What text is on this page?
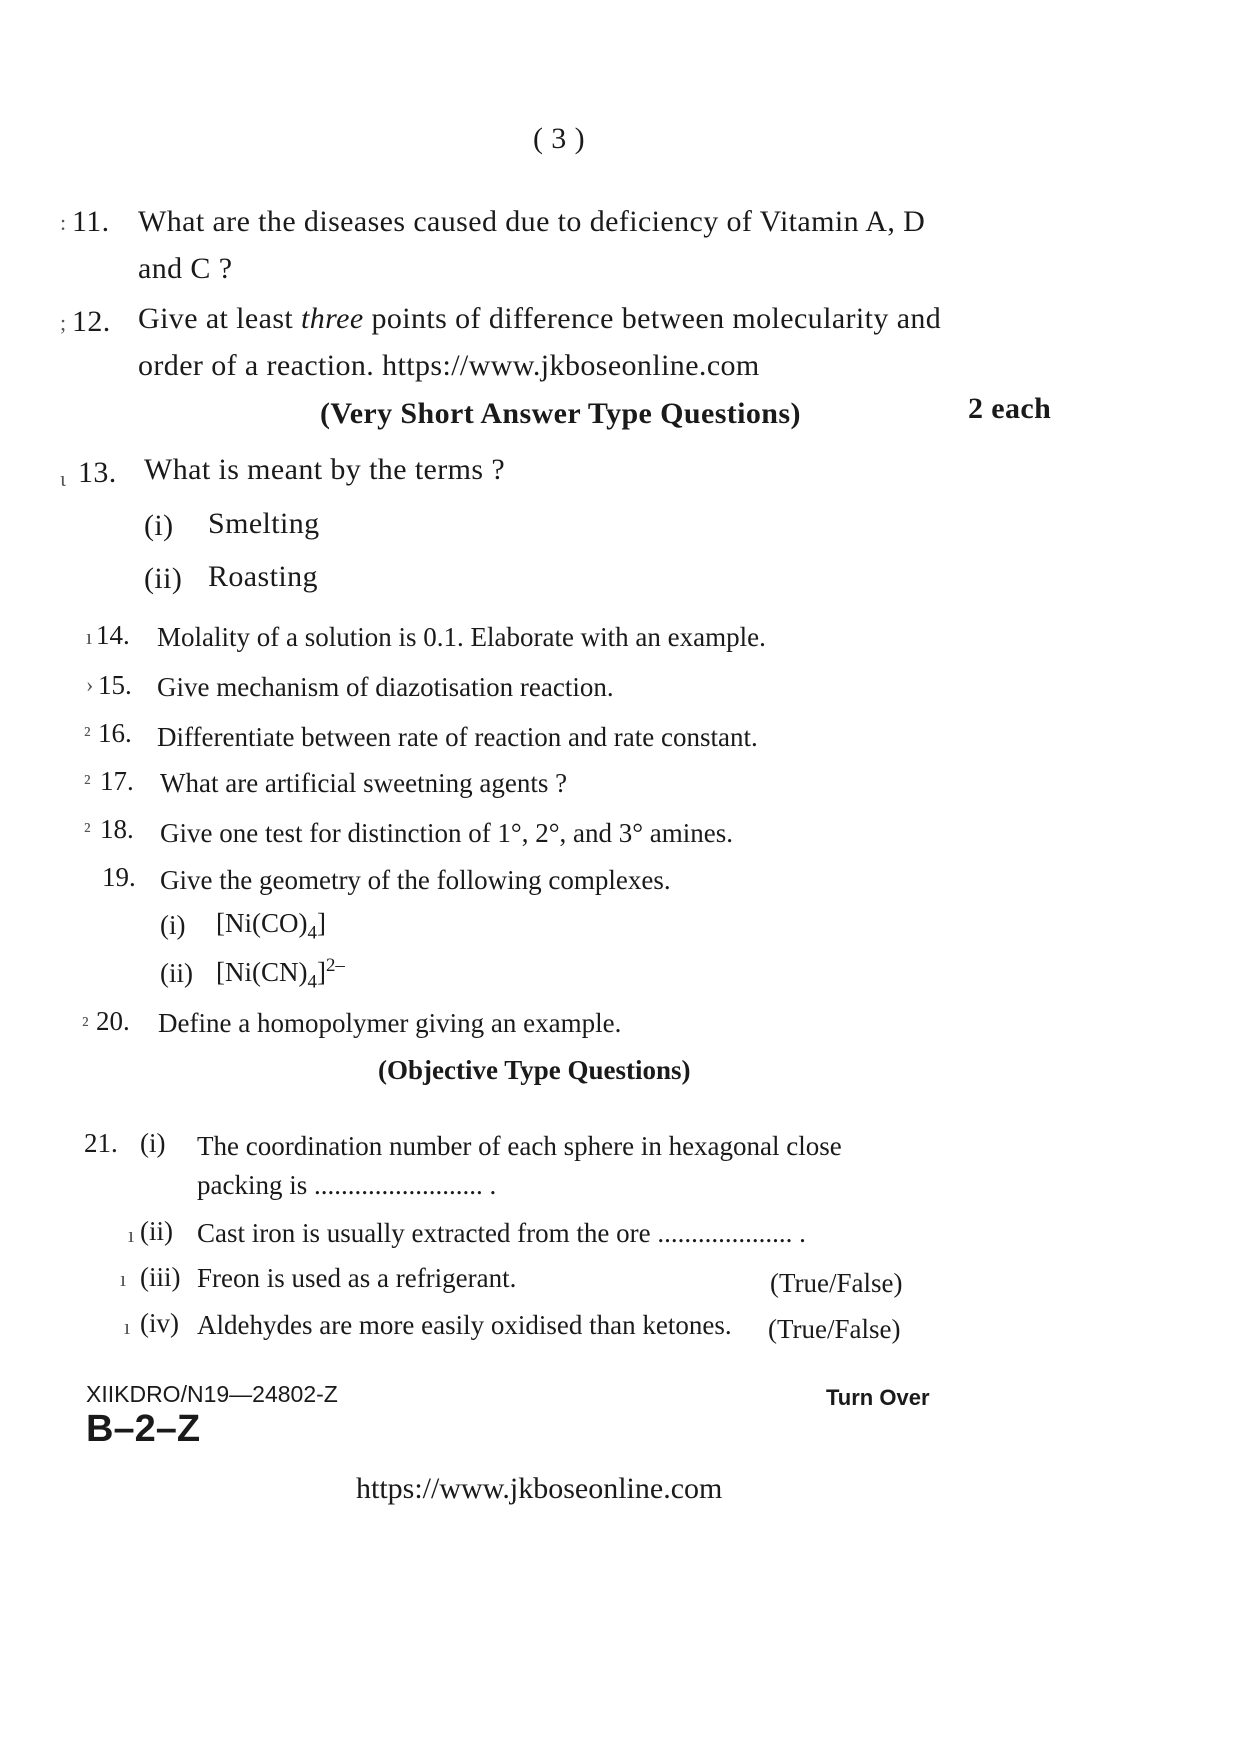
( 3 )
: 11. What are the diseases caused due to deficiency of Vitamin A, D
and C ?
; 12. Give at least three points of difference between molecularity and
order of a reaction. https://www.jkboseonline.com
(Very Short Answer Type Questions)	2 each
ι 13. What is meant by the terms ?
(i) Smelting
(ii) Roasting
ı 14. Molality of a solution is 0.1. Elaborate with an example.
› 15. Give mechanism of diazotisation reaction.
² 16. Differentiate between rate of reaction and rate constant.
² 17. What are artificial sweetning agents ?
² 18. Give one test for distinction of 1°, 2°, and 3° amines.
19. Give the geometry of the following complexes.
(i) $[Ni(CO)_4]$
(ii) $[Ni(CN)_4]^{2-}$
² 20. Define a homopolymer giving an example.
(Objective Type Questions)
21. (i) The coordination number of each sphere in hexagonal close
packing is ......................... .
ı (ii) Cast iron is usually extracted from the ore .................... .
ı (iii) Freon is used as a refrigerant.	(True/False)
ı (iv) Aldehydes are more easily oxidised than ketones. (True/False)
XIIKDRO/N19—24802-Z	Turn Over
B–2–Z
https://www.jkboseonline.com
